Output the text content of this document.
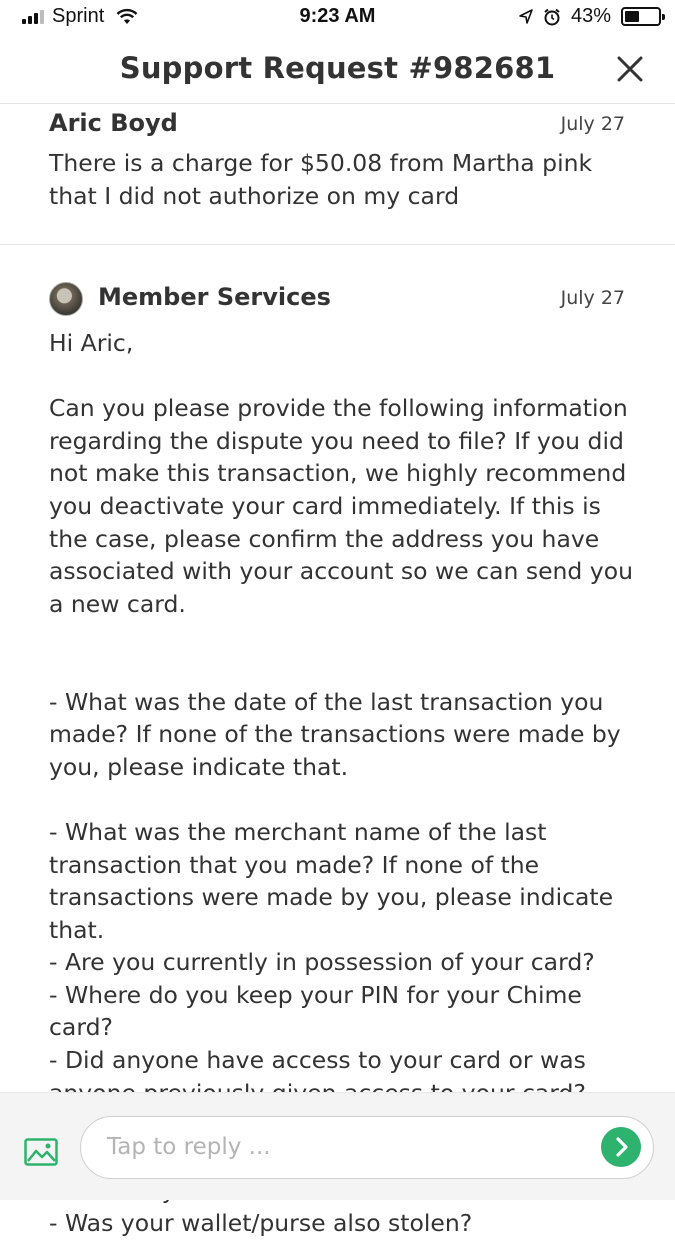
Sprint	9:23 AM	43%
Support Request #982681
Aric Boyd	July 27
There is a charge for $50.08 from Martha pink that I did not authorize on my card
Member Services	July 27
Hi Aric,

Can you please provide the following information regarding the dispute you need to file? If you did not make this transaction, we highly recommend you deactivate your card immediately. If this is the case, please confirm the address you have associated with your account so we can send you a new card.

- What was the date of the last transaction you made? If none of the transactions were made by you, please indicate that.

- What was the merchant name of the last transaction that you made? If none of the transactions were made by you, please indicate that.
- Are you currently in possession of your card?
- Where do you keep your PIN for your Chime card?
- Did anyone have access to your card or was

- Was your wallet/purse also stolen?
Tap to reply ...
